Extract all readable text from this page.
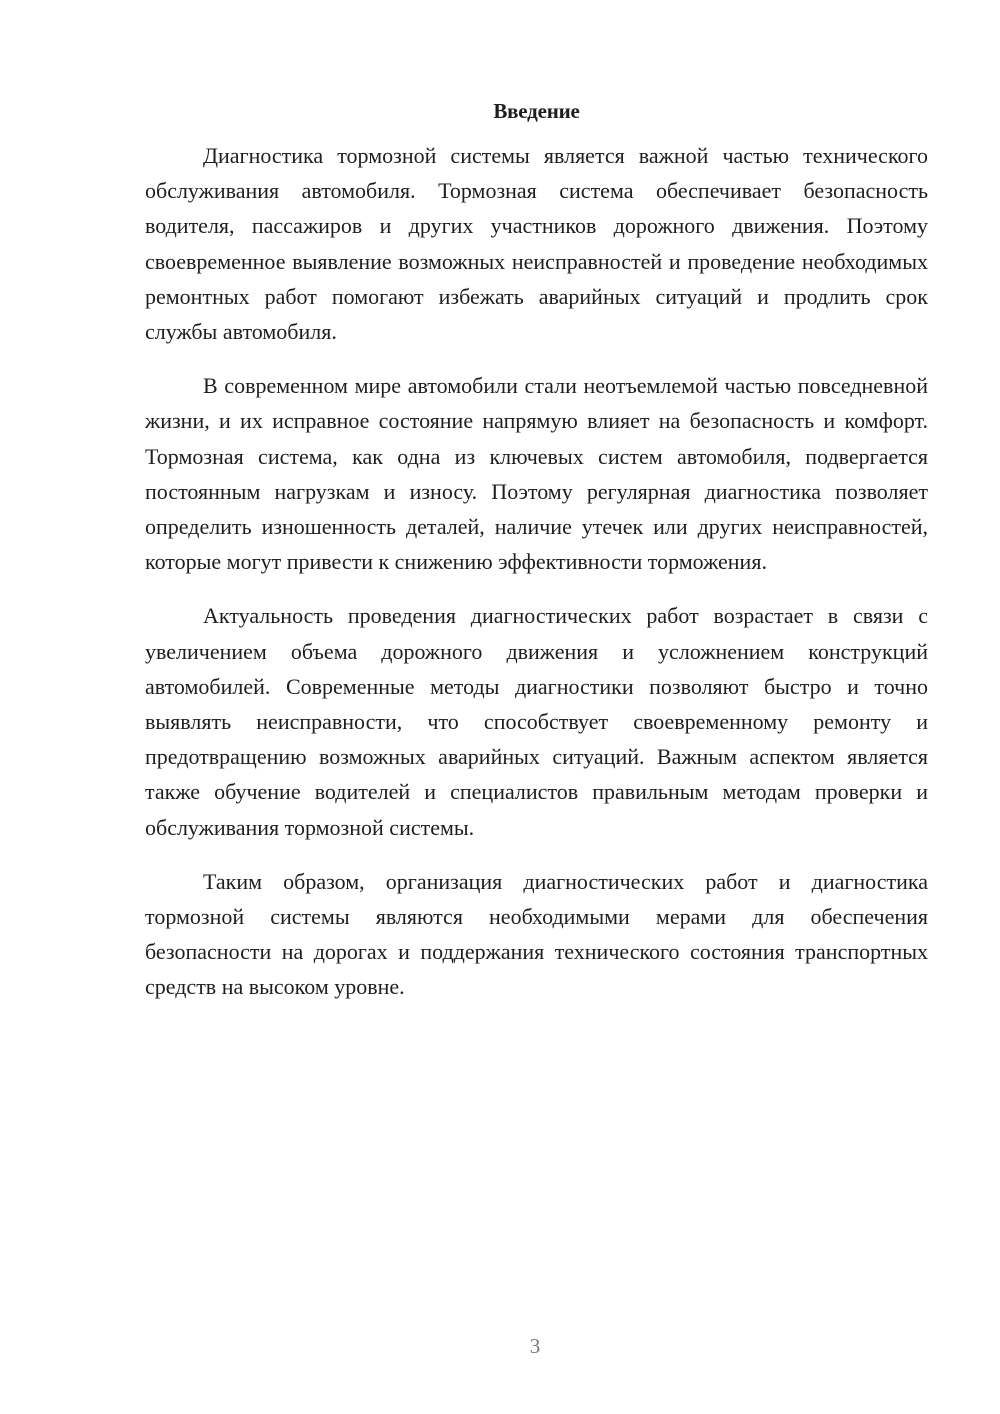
Введение

Диагностика тормозной системы является важной частью технического обслуживания автомобиля. Тормозная система обеспечивает безопасность водителя, пассажиров и других участников дорожного движения. Поэтому своевременное выявление возможных неисправностей и проведение необходимых ремонтных работ помогают избежать аварийных ситуаций и продлить срок службы автомобиля.

В современном мире автомобили стали неотъемлемой частью повседневной жизни, и их исправное состояние напрямую влияет на безопасность и комфорт. Тормозная система, как одна из ключевых систем автомобиля, подвергается постоянным нагрузкам и износу. Поэтому регулярная диагностика позволяет определить изношенность деталей, наличие утечек или других неисправностей, которые могут привести к снижению эффективности торможения.

Актуальность проведения диагностических работ возрастает в связи с увеличением объема дорожного движения и усложнением конструкций автомобилей. Современные методы диагностики позволяют быстро и точно выявлять неисправности, что способствует своевременному ремонту и предотвращению возможных аварийных ситуаций. Важным аспектом является также обучение водителей и специалистов правильным методам проверки и обслуживания тормозной системы.

Таким образом, организация диагностических работ и диагностика тормозной системы являются необходимыми мерами для обеспечения безопасности на дорогах и поддержания технического состояния транспортных средств на высоком уровне.

3
